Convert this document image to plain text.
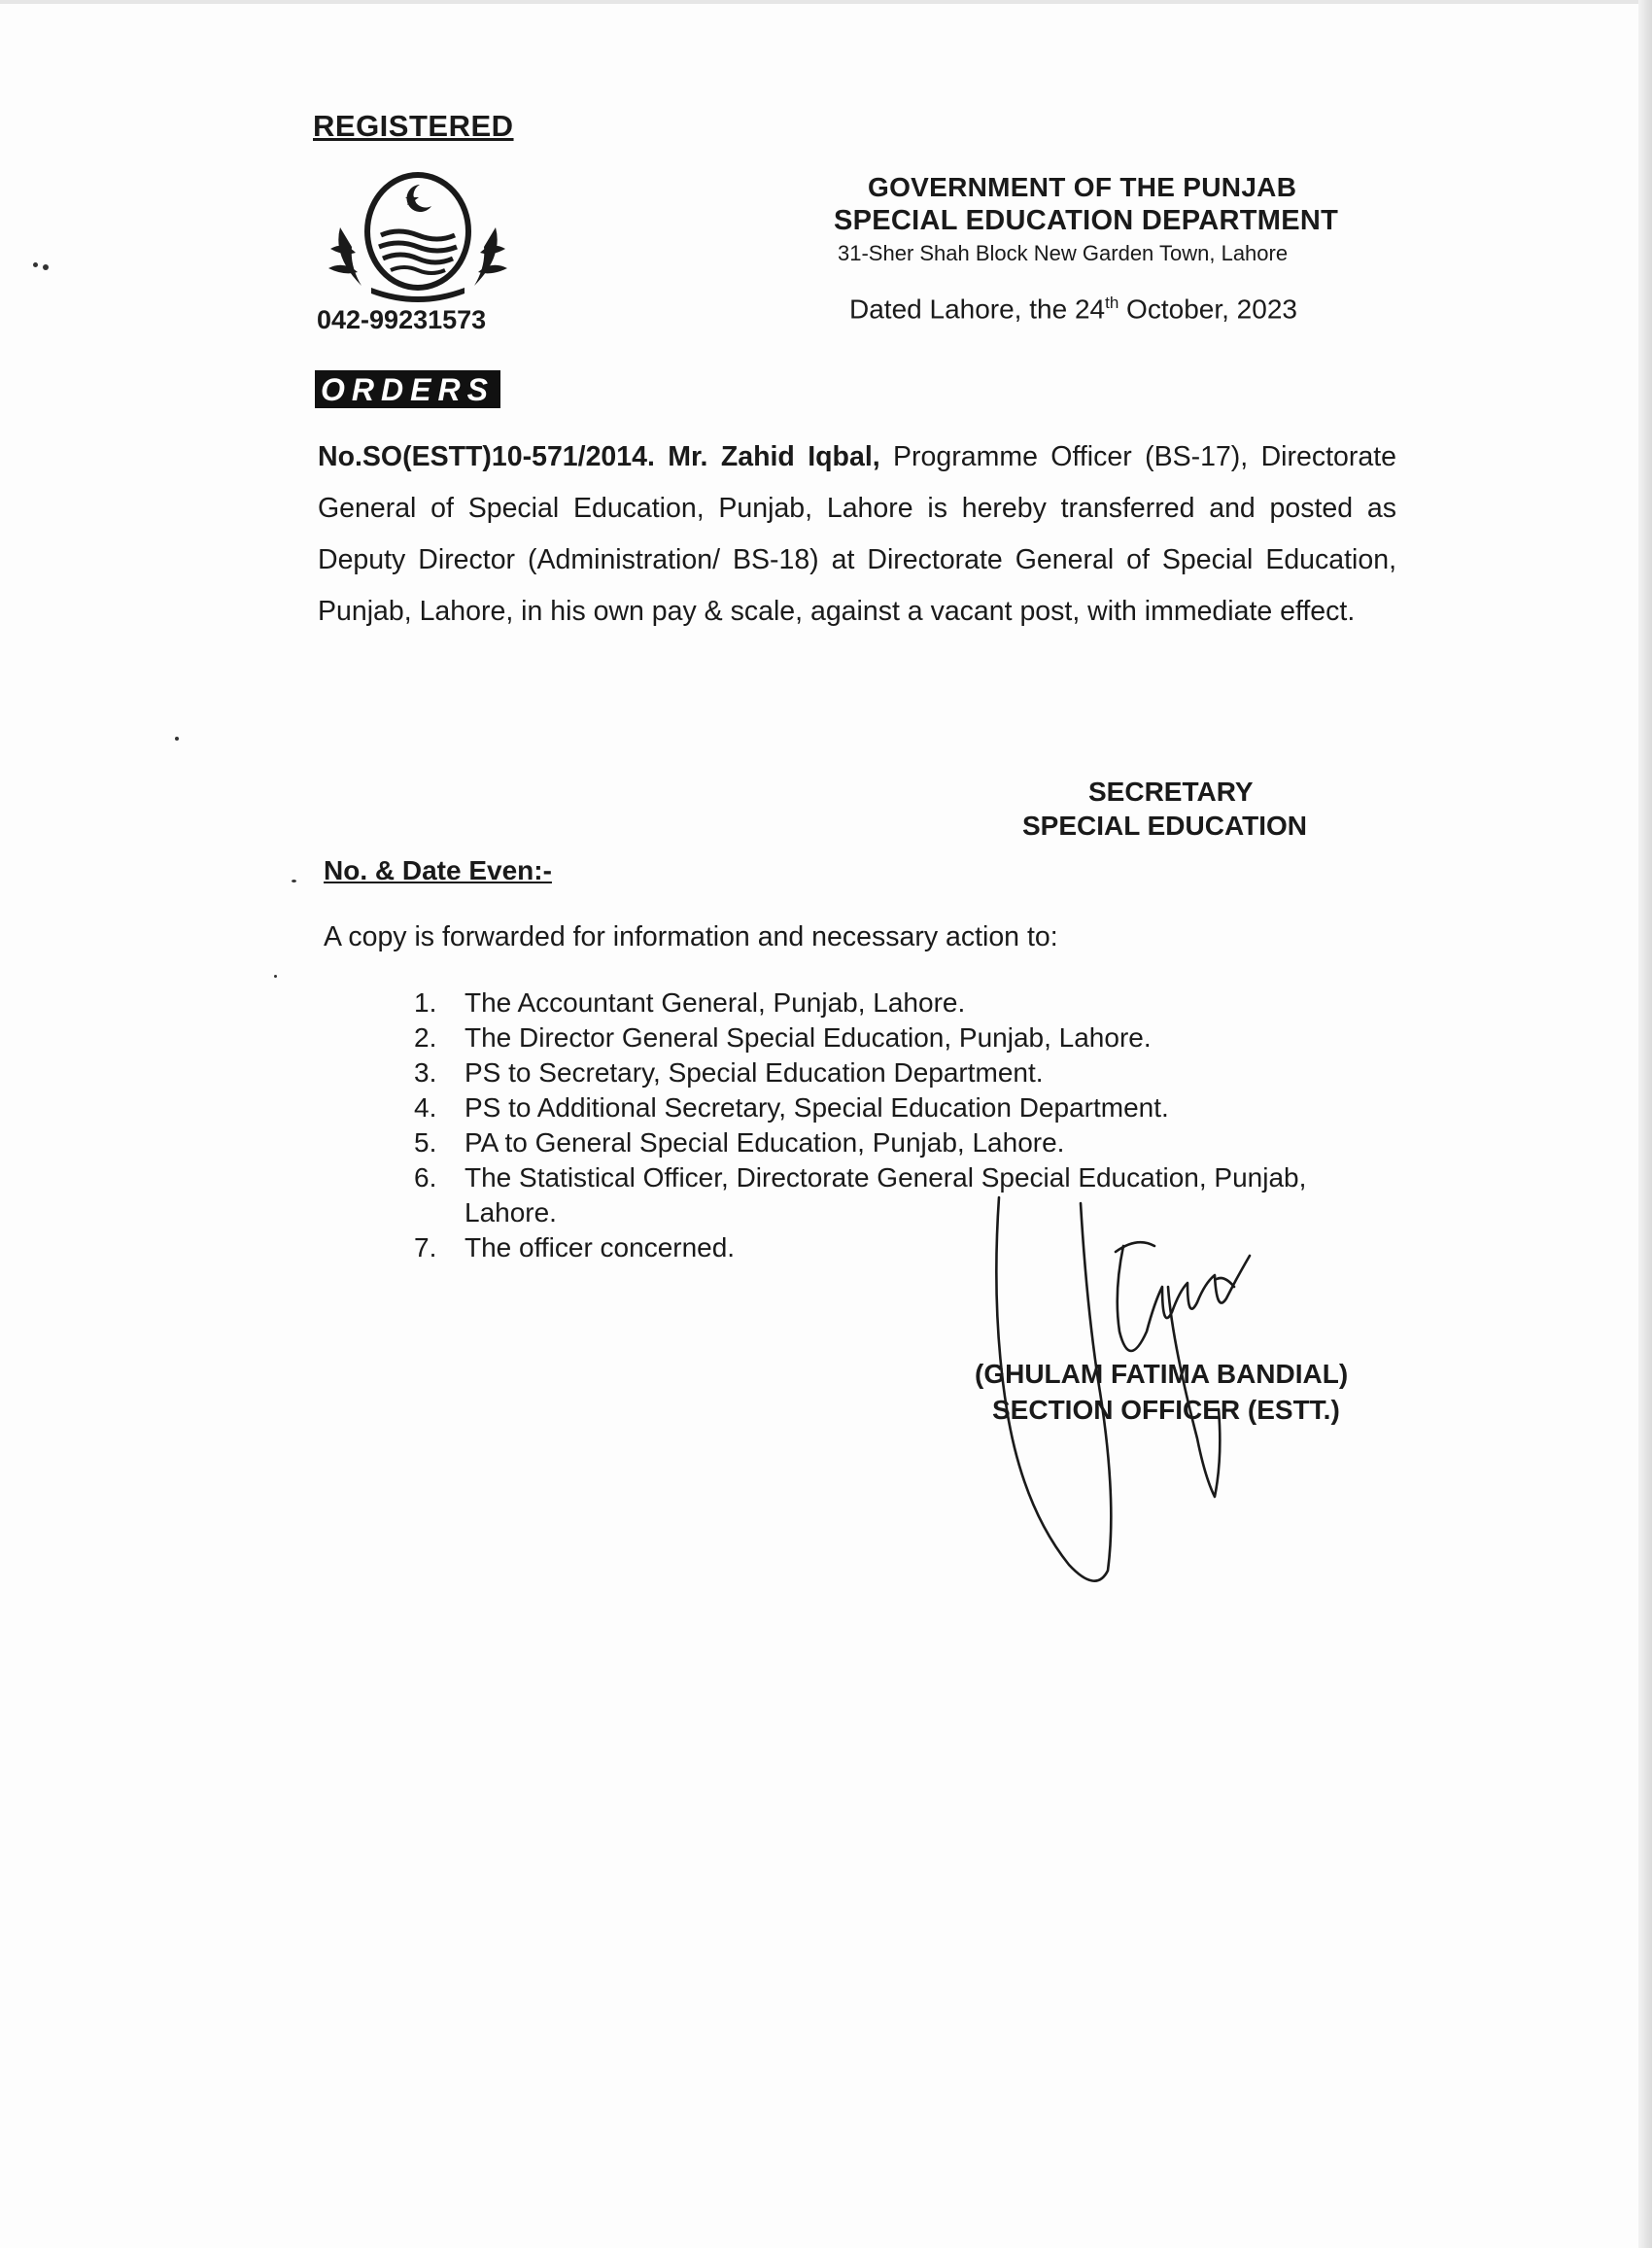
REGISTERED
042-99231573
GOVERNMENT OF THE PUNJAB
SPECIAL EDUCATION DEPARTMENT
31-Sher Shah Block New Garden Town, Lahore
Dated Lahore, the 24th October, 2023
ORDERS
No.SO(ESTT)10-571/2014. Mr. Zahid Iqbal, Programme Officer (BS-17), Directorate General of Special Education, Punjab, Lahore is hereby transferred and posted as Deputy Director (Administration/ BS-18) at Directorate General of Special Education, Punjab, Lahore, in his own pay & scale, against a vacant post, with immediate effect.
SECRETARY
SPECIAL EDUCATION
No. & Date Even:-
A copy is forwarded for information and necessary action to:
1. The Accountant General, Punjab, Lahore.
2. The Director General Special Education, Punjab, Lahore.
3. PS to Secretary, Special Education Department.
4. PS to Additional Secretary, Special Education Department.
5. PA to General Special Education, Punjab, Lahore.
6. The Statistical Officer, Directorate General Special Education, Punjab, Lahore.
7. The officer concerned.
(GHULAM FATIMA BANDIAL)
SECTION OFFICER (ESTT.)
